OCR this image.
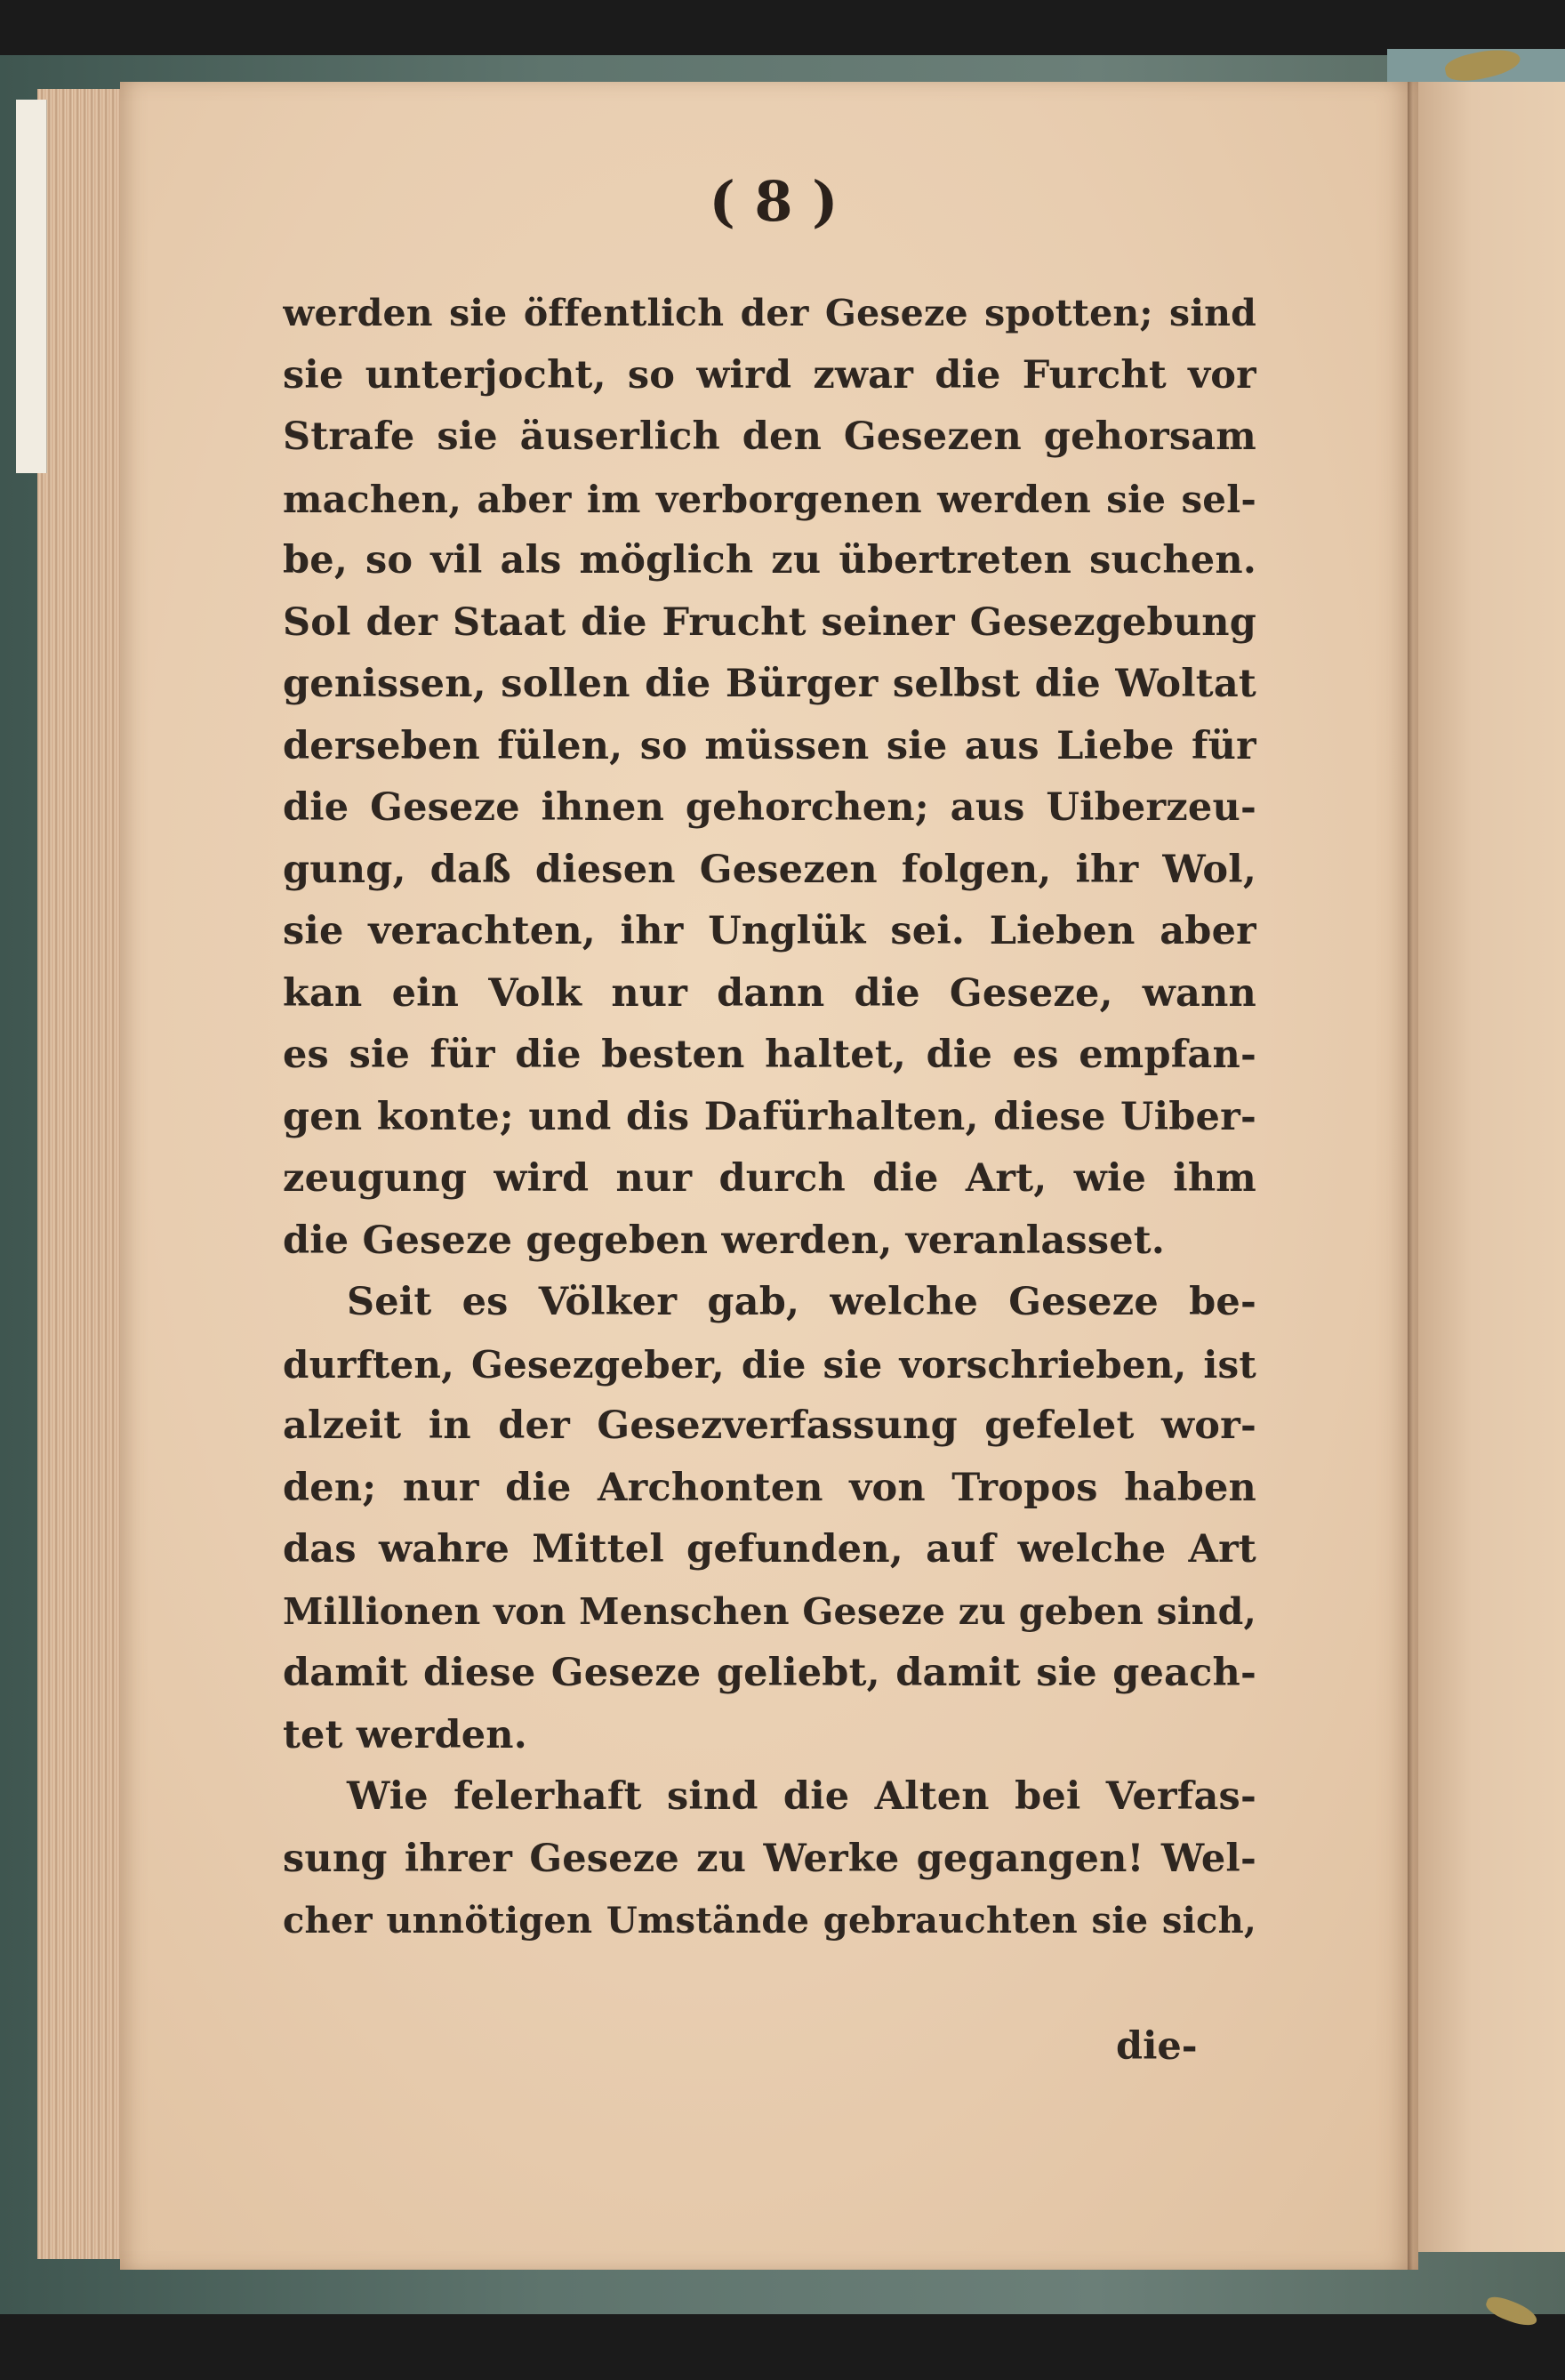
( 8 )
werden sie öffentlich der Geseze spotten; sind
sie unterjocht, so wird zwar die Furcht vor
Strafe sie äuserlich den Gesezen gehorsam
machen, aber im verborgenen werden sie sel-
be, so vil als möglich zu übertreten suchen.
Sol der Staat die Frucht seiner Gesezgebung
genissen, sollen die Bürger selbst die Woltat
derseben fülen, so müssen sie aus Liebe für
die Geseze ihnen gehorchen; aus Uiberzeu-
gung, daß diesen Gesezen folgen, ihr Wol,
sie verachten, ihr Unglük sei. Lieben aber
kan ein Volk nur dann die Geseze, wann
es sie für die besten haltet, die es empfan-
gen konte; und dis Dafürhalten, diese Uiber-
zeugung wird nur durch die Art, wie ihm
die Geseze gegeben werden, veranlasset.
Seit es Völker gab, welche Geseze be-
durften, Gesezgeber, die sie vorschrieben, ist
alzeit in der Gesezverfassung gefelet wor-
den; nur die Archonten von Tropos haben
das wahre Mittel gefunden, auf welche Art
Millionen von Menschen Geseze zu geben sind,
damit diese Geseze geliebt, damit sie geach-
tet werden.
Wie felerhaft sind die Alten bei Verfas-
sung ihrer Geseze zu Werke gegangen! Wel-
cher unnötigen Umstände gebrauchten sie sich,
die-
